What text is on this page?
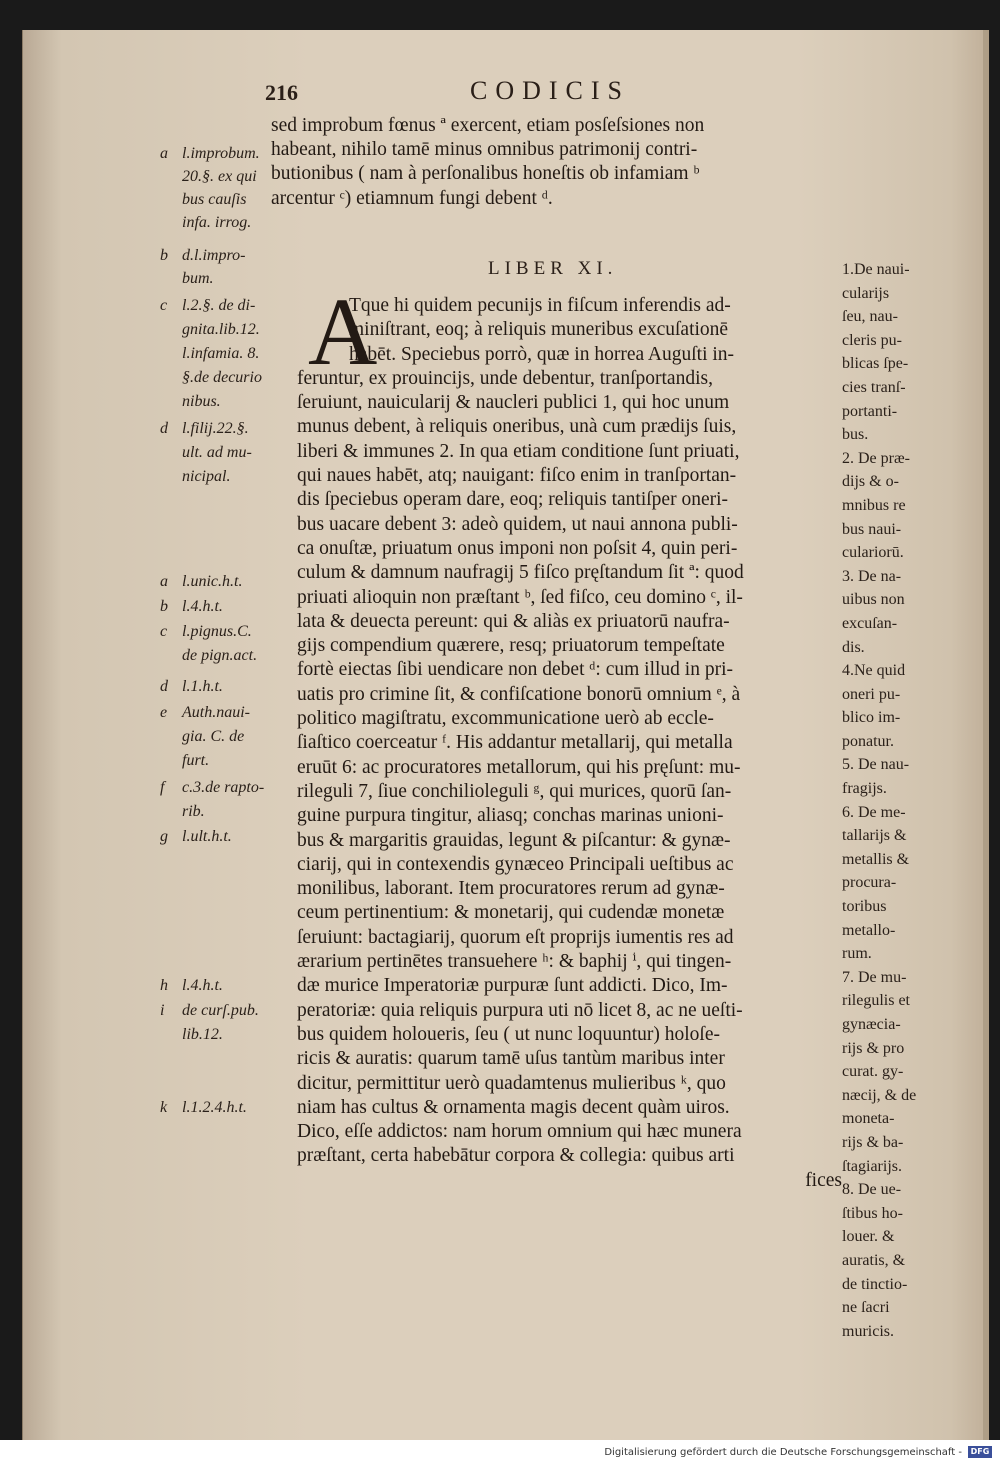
216	CODICIS
sed improbum fœnus ª exercent, etiam posſeſsiones non
habeant, nihilo tamē minus omnibus patrimonij contri-
butionibus ( nam à perſonalibus honeſtis ob infamiam ᵇ
arcentur ᶜ) etiamnum fungi debent ᵈ.
LIBER XI.
A
Tque hi quidem pecunijs in fiſcum inferendis ad-
miniſtrant, eoq; à reliquis muneribus excuſationē
habēt. Speciebus porrò, quæ in horrea Auguſti in-
feruntur, ex prouincijs, unde debentur, tranſportandis,
ſeruiunt, nauicularij & naucleri publici 1, qui hoc unum
munus debent, à reliquis oneribus, unà cum prædijs ſuis,
liberi & immunes 2. In qua etiam conditione ſunt priuati,
qui naues habēt, atq; nauigant: fiſco enim in tranſportan-
dis ſpeciebus operam dare, eoq; reliquis tantiſper oneri-
bus uacare debent 3: adeò quidem, ut naui annona publi-
ca onuſtæ, priuatum onus imponi non poſsit 4, quin peri-
culum & damnum naufragij 5 fiſco pręſtandum ſit ª: quod
priuati alioquin non præſtant ᵇ, ſed fiſco, ceu domino ᶜ, il-
lata & deuecta pereunt: qui & aliàs ex priuatorū naufra-
gijs compendium quærere, resq; priuatorum tempeſtate
fortè eiectas ſibi uendicare non debet ᵈ: cum illud in pri-
uatis pro crimine ſit, & confiſcatione bonorū omnium ᵉ, à
politico magiſtratu, excommunicatione uerò ab eccle-
ſiaſtico coerceatur ᶠ. His addantur metallarij, qui metalla
eruūt 6: ac procuratores metallorum, qui his pręſunt: mu-
rileguli 7, ſiue conchilioleguli ᵍ, qui murices, quorū ſan-
guine purpura tingitur, aliasq; conchas marinas unioni-
bus & margaritis grauidas, legunt & piſcantur: & gynæ-
ciarij, qui in contexendis gynæceo Principali ueſtibus ac
monilibus, laborant. Item procuratores rerum ad gynæ-
ceum pertinentium: & monetarij, qui cudendæ monetæ
ſeruiunt: bactagiarij, quorum eſt proprijs iumentis res ad
ærarium pertinētes transuehere ʰ: & baphij ⁱ, qui tingen-
dæ murice Imperatoriæ purpuræ ſunt addicti. Dico, Im-
peratoriæ: quia reliquis purpura uti nō licet 8, ac ne ueſti-
bus quidem holoueris, ſeu ( ut nunc loquuntur) holoſe-
ricis & auratis: quarum tamē uſus tantùm maribus inter
dicitur, permittitur uerò quadamtenus mulieribus ᵏ, quo
niam has cultus & ornamenta magis decent quàm uiros.
Dico, eſſe addictos: nam horum omnium qui hæc munera
præſtant, certa habebātur corpora & collegia: quibus arti
fices
a l.improbum.
20.§. ex qui
bus cauſis
infa. irrog.
b d.l.impro-
bum.
c l.2.§. de di-
gnita.lib.12.
l.infamia. 8.
§.de decurio
nibus.
d l.filij.22.§.
ult. ad mu-
nicipal.
a l.unic.h.t.
b l.4.h.t.
c l.pignus.C.
de pign.act.
d l.1.h.t.
e Auth.naui-
gia. C. de
furt.
f c.3.de rapto-
rib.
g l.ult.h.t.
h l.4.h.t.
i de curſ.pub.
lib.12.
k l.1.2.4.h.t.
1.De naui-
cularijs
ſeu, nau-
cleris pu-
blicas ſpe-
cies tranſ-
portanti-
bus.
2. De præ-
dijs & o-
mnibus re
bus naui-
culariorū.
3. De na-
uibus non
excuſan-
dis.
4.Ne quid
oneri pu-
blico im-
ponatur.
5. De nau-
fragijs.
6. De me-
tallarijs &
metallis &
procura-
toribus
metallo-
rum.
7. De mu-
rilegulis et
gynæcia-
rijs & pro
curat. gy-
næcij, & de
moneta-
rijs & ba-
ſtagiarijs.
8. De ue-
ſtibus ho-
louer. &
auratis, &
de tinctio-
ne ſacri
muricis.
Digitalisierung gefördert durch die Deutsche Forschungsgemeinschaft -	DFG
